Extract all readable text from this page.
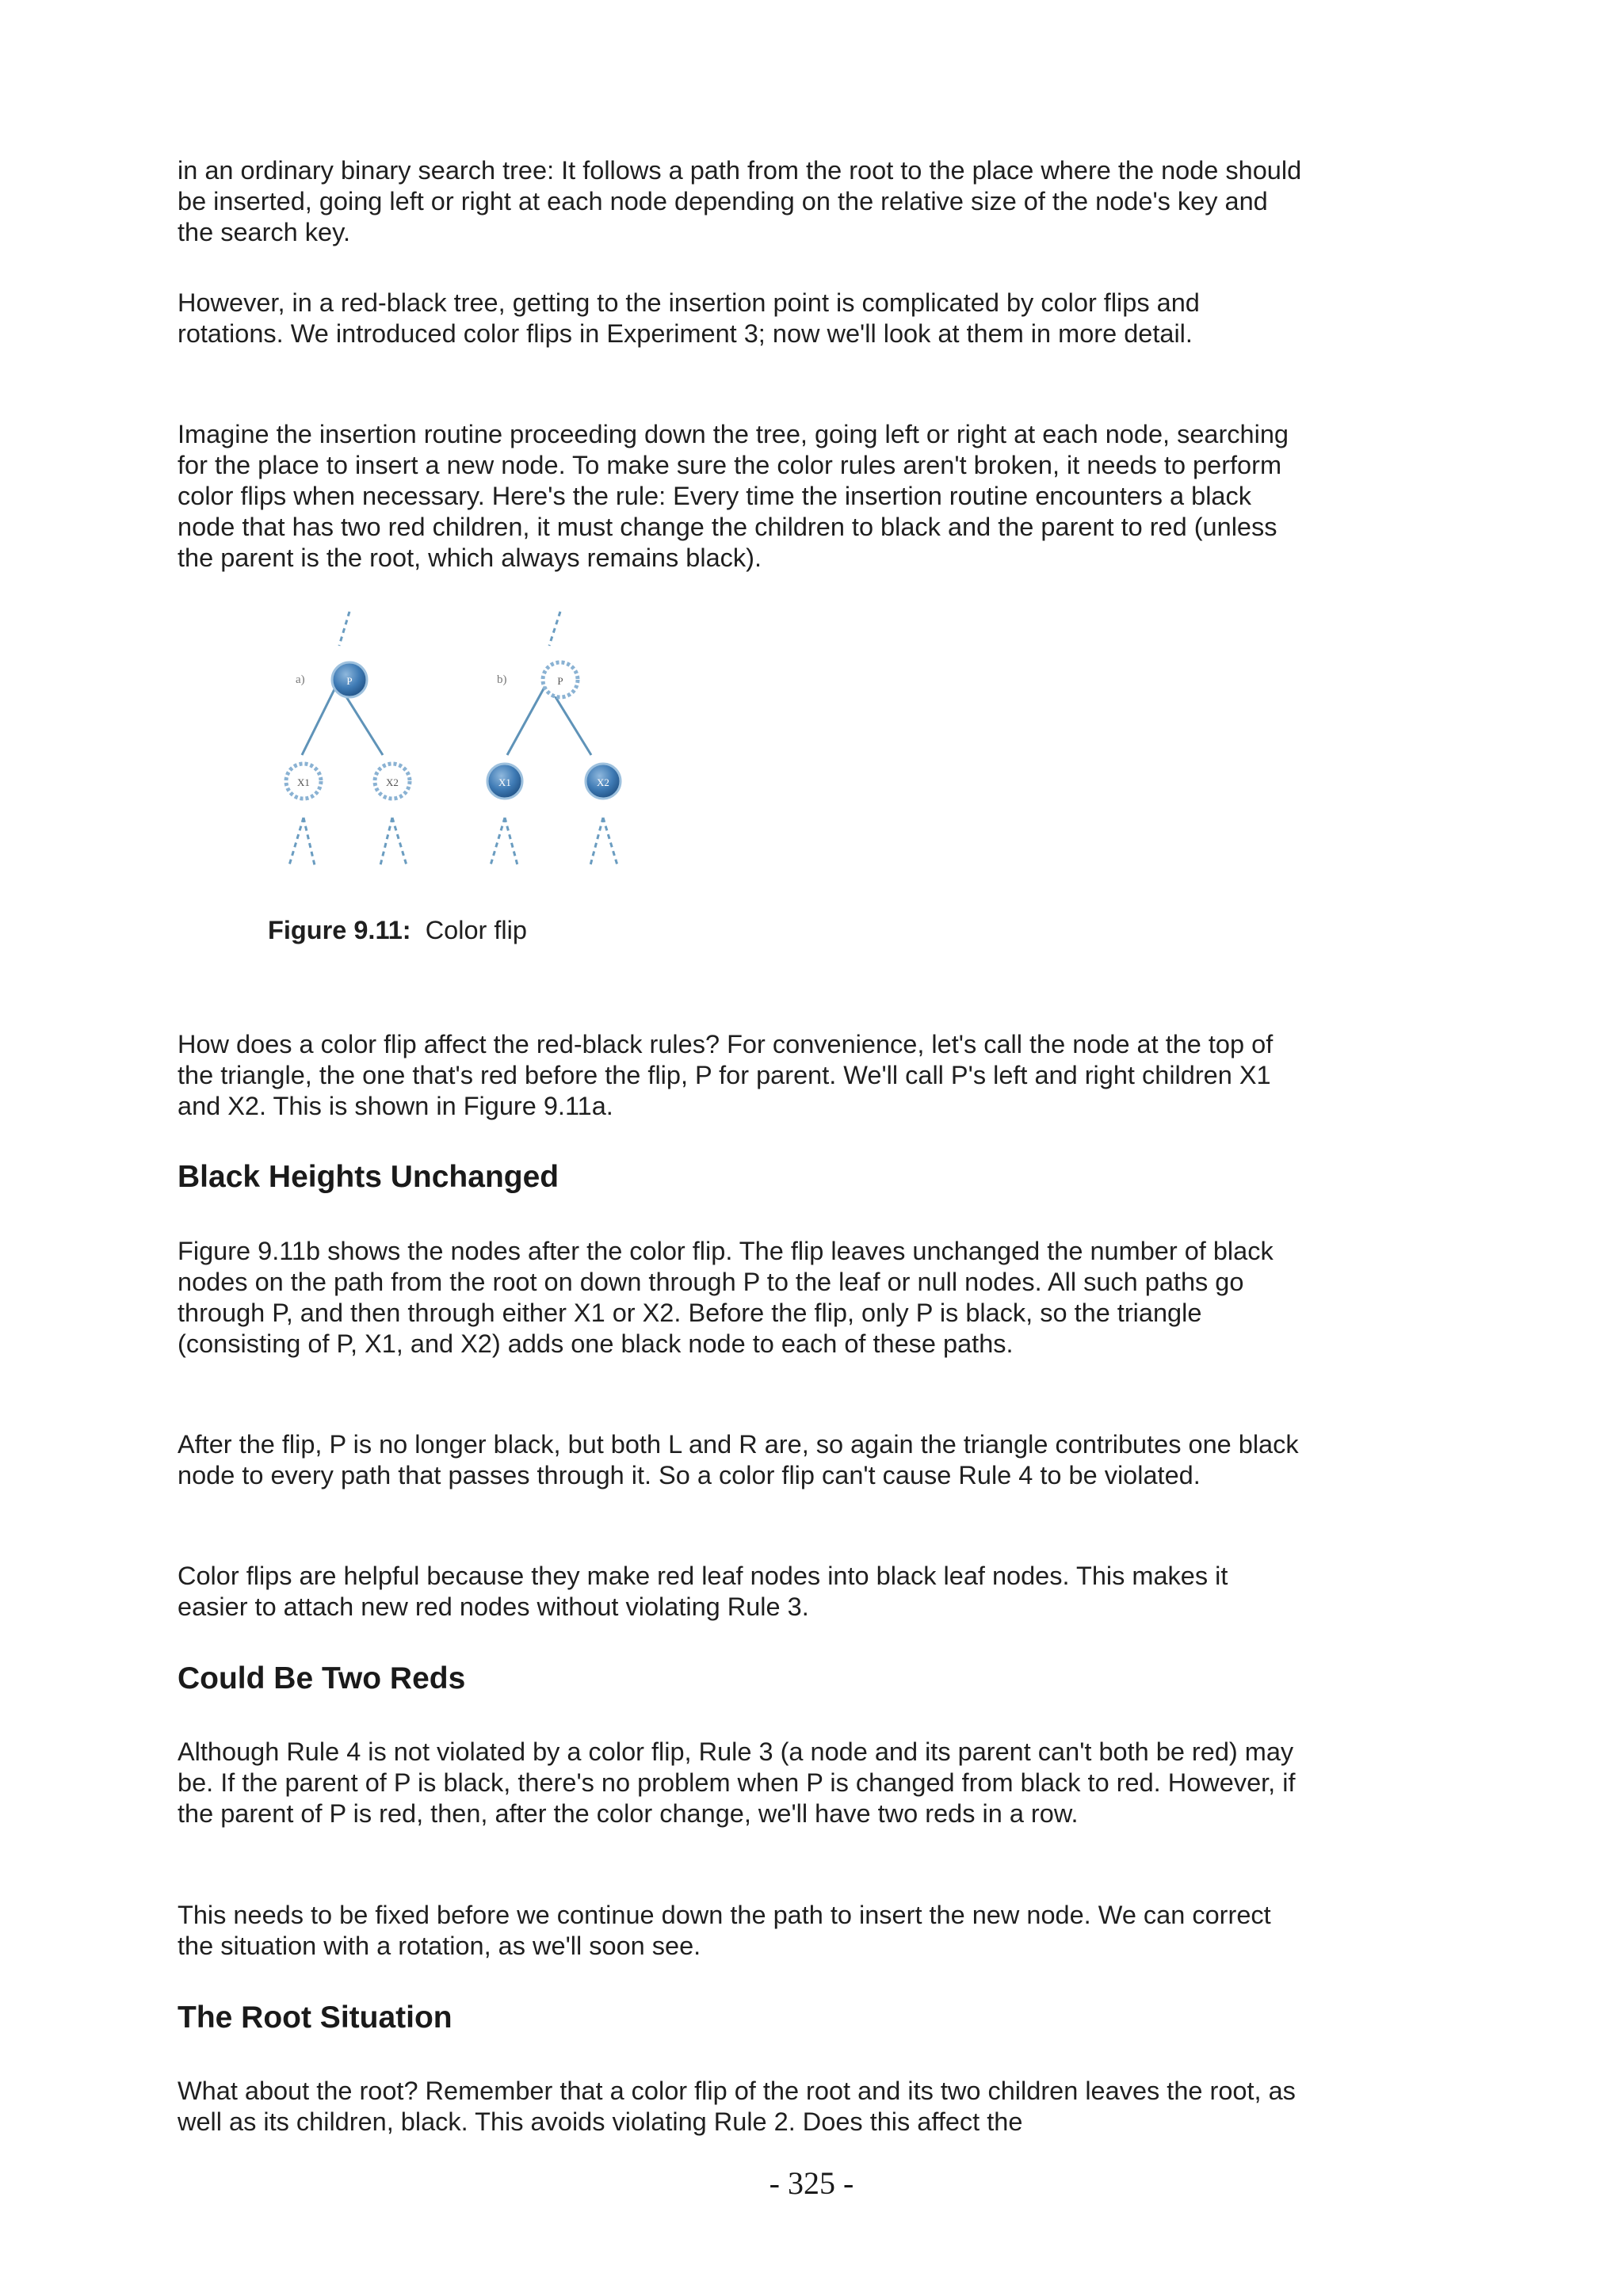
in an ordinary binary search tree: It follows a path from the root to the place where the node should be inserted, going left or right at each node depending on the relative size of the node's key and the search key.

However, in a red-black tree, getting to the insertion point is complicated by color flips and rotations. We introduced color flips in Experiment 3; now we'll look at them in more detail.

Imagine the insertion routine proceeding down the tree, going left or right at each node, searching for the place to insert a new node. To make sure the color rules aren't broken, it needs to perform color flips when necessary. Here's the rule: Every time the insertion routine encounters a black node that has two red children, it must change the children to black and the parent to red (unless the parent is the root, which always remains black).

a)	b)
P
X1	X2
P
X1	X2
Figure 9.11: Color flip

How does a color flip affect the red-black rules? For convenience, let's call the node at the top of the triangle, the one that's red before the flip, P for parent. We'll call P's left and right children X1 and X2. This is shown in Figure 9.11a.

Black Heights Unchanged

Figure 9.11b shows the nodes after the color flip. The flip leaves unchanged the number of black nodes on the path from the root on down through P to the leaf or null nodes. All such paths go through P, and then through either X1 or X2. Before the flip, only P is black, so the triangle (consisting of P, X1, and X2) adds one black node to each of these paths.

After the flip, P is no longer black, but both L and R are, so again the triangle contributes one black node to every path that passes through it. So a color flip can't cause Rule 4 to be violated.

Color flips are helpful because they make red leaf nodes into black leaf nodes. This makes it easier to attach new red nodes without violating Rule 3.

Could Be Two Reds

Although Rule 4 is not violated by a color flip, Rule 3 (a node and its parent can't both be red) may be. If the parent of P is black, there's no problem when P is changed from black to red. However, if the parent of P is red, then, after the color change, we'll have two reds in a row.

This needs to be fixed before we continue down the path to insert the new node. We can correct the situation with a rotation, as we'll soon see.

The Root Situation

What about the root? Remember that a color flip of the root and its two children leaves the root, as well as its children, black. This avoids violating Rule 2. Does this affect the

- 325 -
